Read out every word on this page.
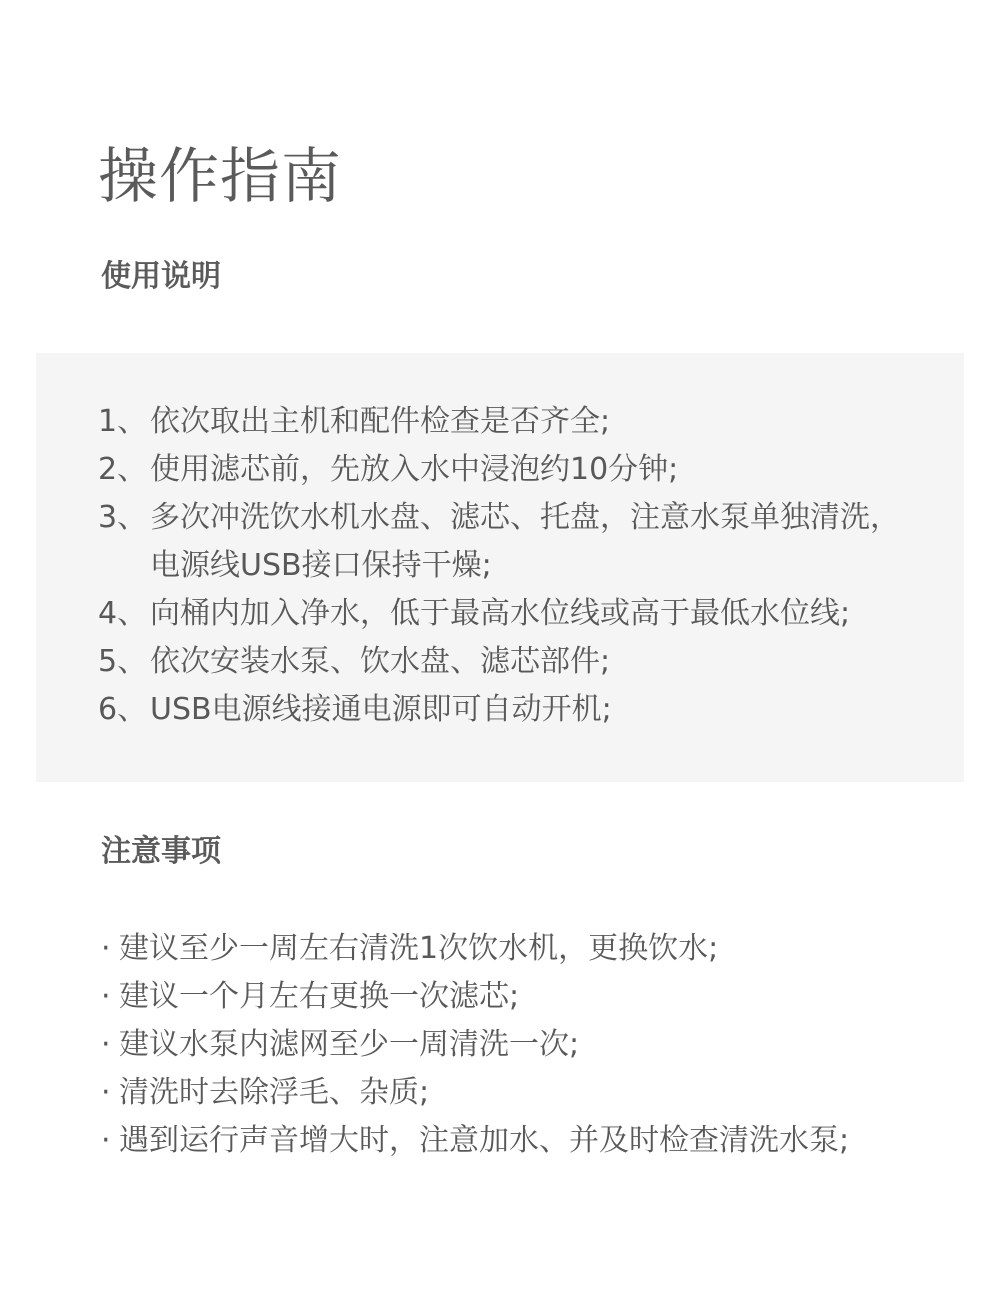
操作指南
使用说明
1、 依次取出主机和配件检查是否齐全;
2、 使用滤芯前，先放入水中浸泡约10分钟;
3、 多次冲洗饮水机水盘、滤芯、托盘，注意水泵单独清洗，
电源线USB接口保持干燥;
4、 向桶内加入净水，低于最高水位线或高于最低水位线;
5、 依次安装水泵、饮水盘、滤芯部件;
6、 USB电源线接通电源即可自动开机;
注意事项
· 建议至少一周左右清洗1次饮水机，更换饮水;
· 建议一个月左右更换一次滤芯;
· 建议水泵内滤网至少一周清洗一次;
· 清洗时去除浮毛、杂质;
· 遇到运行声音增大时，注意加水、并及时检查清洗水泵;
